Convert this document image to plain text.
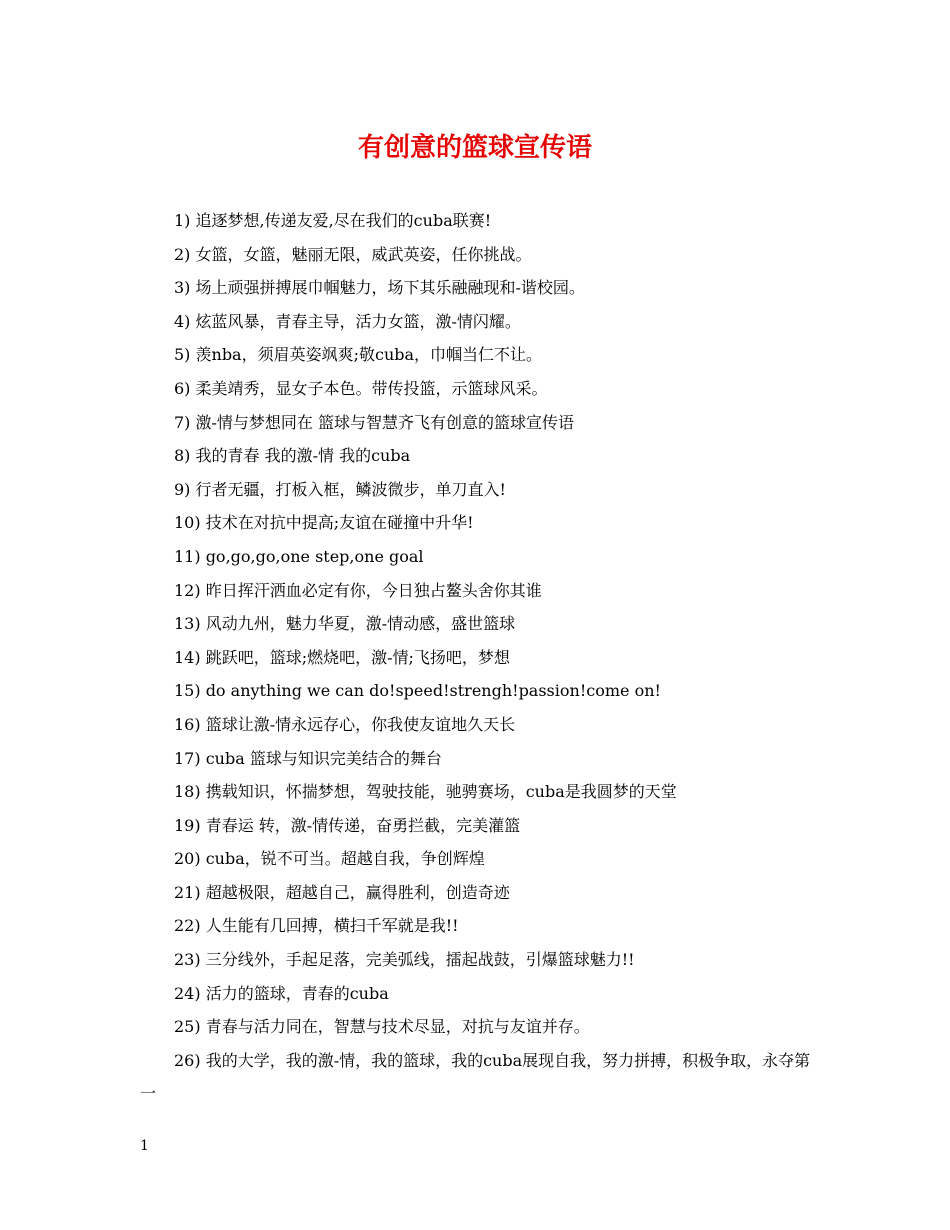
有创意的篮球宣传语

1) 追逐梦想,传递友爱,尽在我们的cuba联赛!

2) 女篮，女篮，魅丽无限，威武英姿，任你挑战。

3) 场上顽强拼搏展巾帼魅力，场下其乐融融现和-谐校园。

4) 炫蓝风暴，青春主导，活力女篮，激-情闪耀。

5) 羡nba，须眉英姿飒爽;敬cuba，巾帼当仁不让。

6) 柔美靖秀，显女子本色。带传投篮，示篮球风采。

7) 激-情与梦想同在 篮球与智慧齐飞有创意的篮球宣传语

8) 我的青春 我的激-情 我的cuba

9) 行者无疆，打板入框，鳞波微步，单刀直入!

10) 技术在对抗中提高;友谊在碰撞中升华!

11) go,go,go,one step,one goal

12) 昨日挥汗洒血必定有你，今日独占鳌头舍你其谁

13) 风动九州，魅力华夏，激-情动感，盛世篮球

14) 跳跃吧，篮球;燃烧吧，激-情;飞扬吧，梦想

15) do anything we can do!speed!strengh!passion!come on!

16) 篮球让激-情永远存心，你我使友谊地久天长

17) cuba 篮球与知识完美结合的舞台

18) 携载知识，怀揣梦想，驾驶技能，驰骋赛场，cuba是我圆梦的天堂

19) 青春运 转，激-情传递，奋勇拦截，完美灌篮

20) cuba，锐不可当。超越自我，争创辉煌

21) 超越极限，超越自己，赢得胜利，创造奇迹

22) 人生能有几回搏，横扫千军就是我!!

23) 三分线外，手起足落，完美弧线，擂起战鼓，引爆篮球魅力!!

24) 活力的篮球，青春的cuba

25) 青春与活力同在，智慧与技术尽显，对抗与友谊并存。

26) 我的大学，我的激-情，我的篮球，我的cuba展现自我，努力拼搏，积极争取，永夺第一

1
